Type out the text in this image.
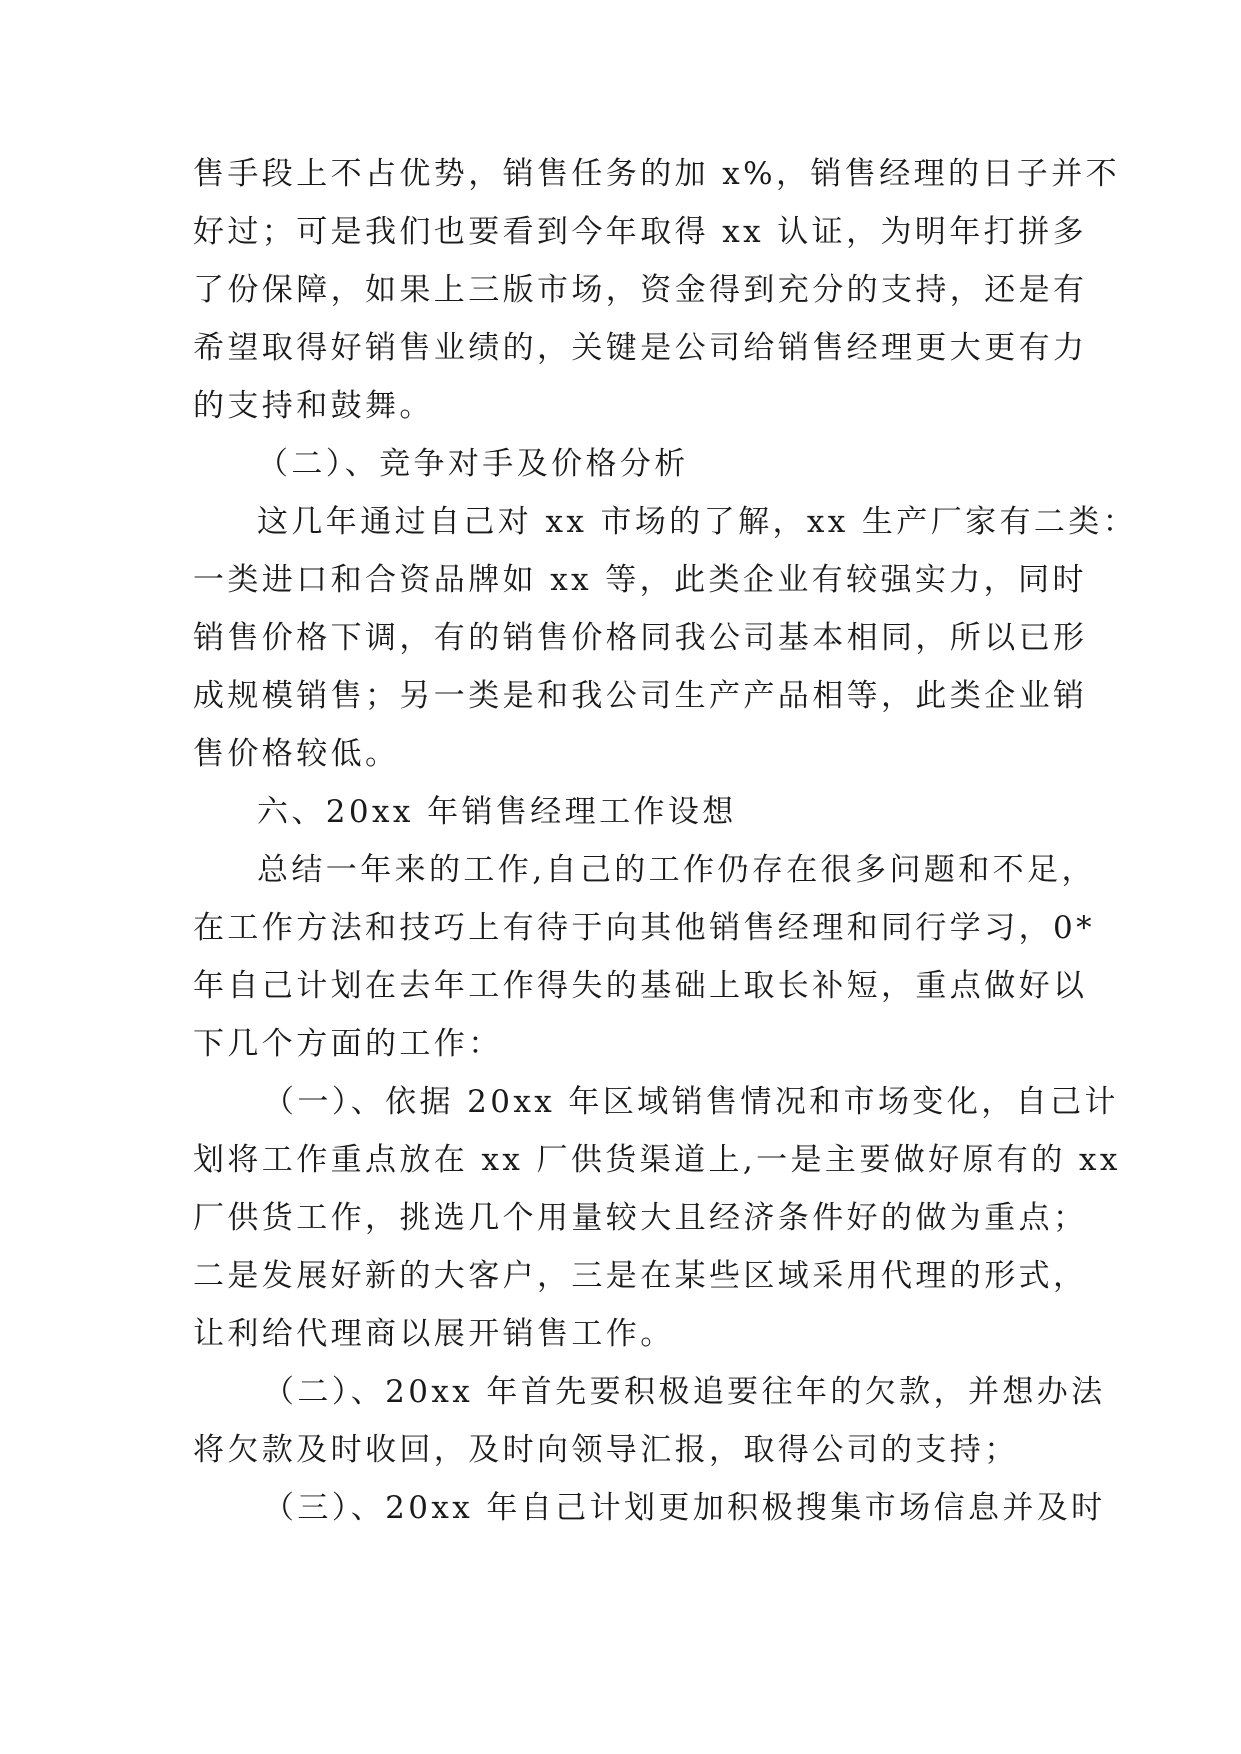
售手段上不占优势，销售任务的加 x%，销售经理的日子并不
好过；可是我们也要看到今年取得 xx 认证，为明年打拼多
了份保障，如果上三版市场，资金得到充分的支持，还是有
希望取得好销售业绩的，关键是公司给销售经理更大更有力
的支持和鼓舞。
（二）、竞争对手及价格分析
这几年通过自己对 xx 市场的了解，xx 生产厂家有二类：
一类进口和合资品牌如 xx 等，此类企业有较强实力，同时
销售价格下调，有的销售价格同我公司基本相同，所以已形
成规模销售；另一类是和我公司生产产品相等，此类企业销
售价格较低。
六、20xx 年销售经理工作设想
总结一年来的工作,自己的工作仍存在很多问题和不足，
在工作方法和技巧上有待于向其他销售经理和同行学习，0*
年自己计划在去年工作得失的基础上取长补短，重点做好以
下几个方面的工作：
（一）、依据 20xx 年区域销售情况和市场变化，自己计
划将工作重点放在 xx 厂供货渠道上,一是主要做好原有的 xx
厂供货工作，挑选几个用量较大且经济条件好的做为重点；
二是发展好新的大客户，三是在某些区域采用代理的形式，
让利给代理商以展开销售工作。
（二）、20xx 年首先要积极追要往年的欠款，并想办法
将欠款及时收回，及时向领导汇报，取得公司的支持；
（三）、20xx 年自己计划更加积极搜集市场信息并及时
